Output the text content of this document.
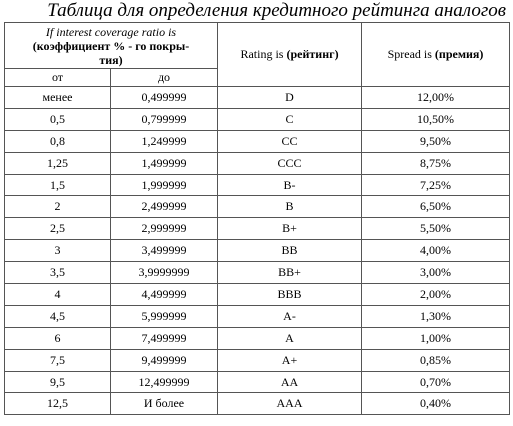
Таблица для определения кредитного рейтинга аналогов
If interest coverage ratio is
(коэффициент % - го покры-
тия)		Rating is (рейтинг)	Spread is (премия)
от	до		
менее	0,499999	D	12,00%
0,5	0,799999	C	10,50%
0,8	1,249999	CC	9,50%
1,25	1,499999	CCC	8,75%
1,5	1,999999	B-	7,25%
2	2,499999	B	6,50%
2,5	2,999999	B+	5,50%
3	3,499999	BB	4,00%
3,5	3,9999999	BB+	3,00%
4	4,499999	BBB	2,00%
4,5	5,999999	A-	1,30%
6	7,499999	A	1,00%
7,5	9,499999	A+	0,85%
9,5	12,499999	AA	0,70%
12,5	И более	AAA	0,40%
